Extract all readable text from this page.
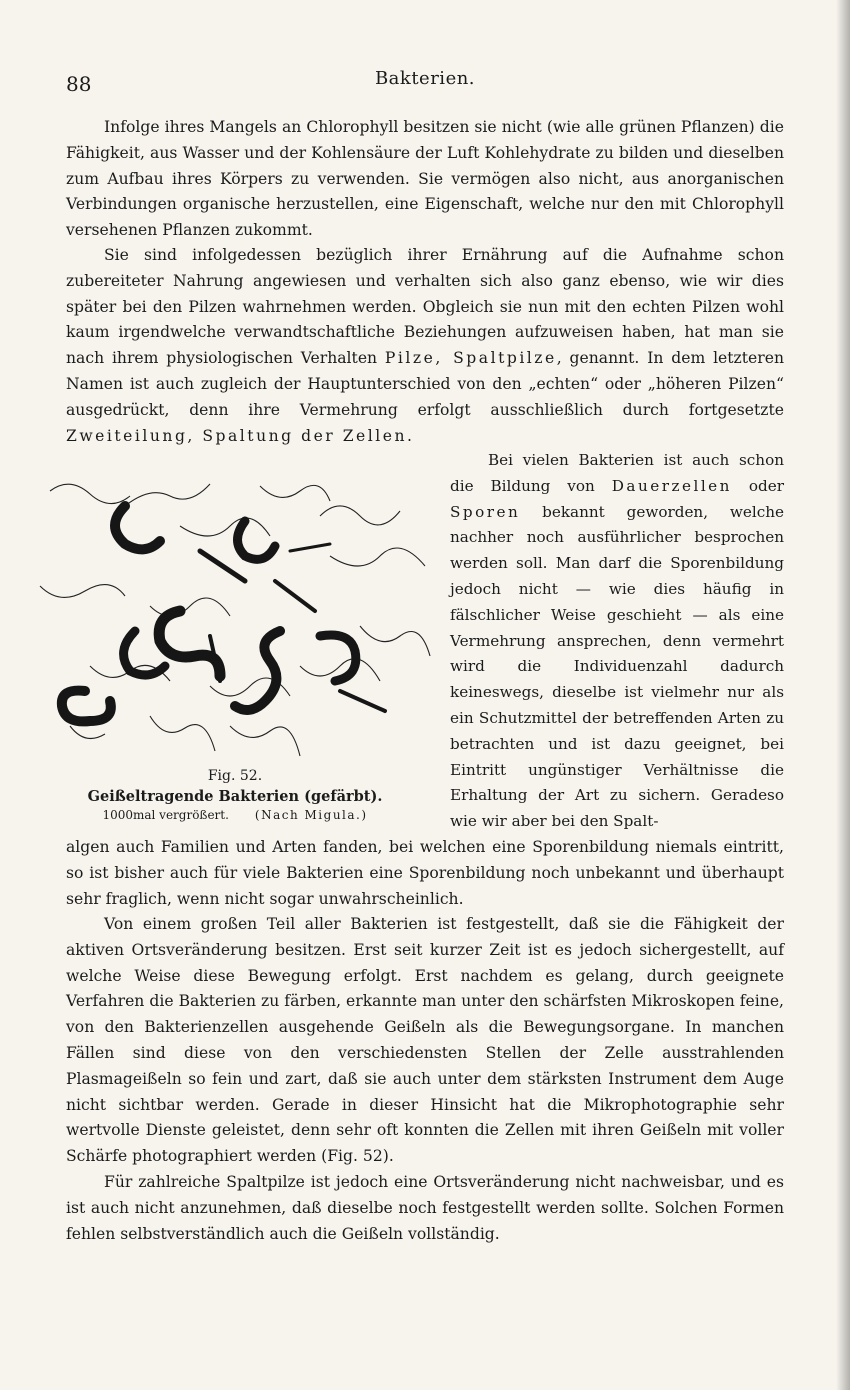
88	Bakterien.

Infolge ihres Mangels an Chlorophyll besitzen sie nicht (wie alle grünen Pflanzen) die Fähigkeit, aus Wasser und der Kohlensäure der Luft Kohlehydrate zu bilden und dieselben zum Aufbau ihres Körpers zu verwenden. Sie vermögen also nicht, aus anorganischen Verbindungen organische herzustellen, eine Eigenschaft, welche nur den mit Chlorophyll versehenen Pflanzen zukommt.

Sie sind infolgedessen bezüglich ihrer Ernährung auf die Aufnahme schon zubereiteter Nahrung angewiesen und verhalten sich also ganz ebenso, wie wir dies später bei den Pilzen wahrnehmen werden. Obgleich sie nun mit den echten Pilzen wohl kaum irgendwelche verwandtschaftliche Beziehungen aufzuweisen haben, hat man sie nach ihrem physiologischen Verhalten Pilze, Spaltpilze, genannt. In dem letzteren Namen ist auch zugleich der Hauptunterschied von den „echten“ oder „höheren Pilzen“ ausgedrückt, denn ihre Vermehrung erfolgt ausschließlich durch fortgesetzte Zweiteilung, Spaltung der Zellen.

Bei vielen Bakterien ist auch schon die Bildung von Dauerzellen oder Sporen bekannt geworden, welche nachher noch ausführlicher besprochen werden soll. Man darf die Sporenbildung jedoch nicht — wie dies häufig in fälschlicher Weise geschieht — als eine Vermehrung ansprechen, denn vermehrt wird die Individuenzahl dadurch keineswegs, dieselbe ist vielmehr nur als ein Schutzmittel der betreffenden Arten zu betrachten und ist dazu geeignet, bei Eintritt ungünstiger Verhältnisse die Erhaltung der Art zu sichern. Geradeso wie wir aber bei den Spalt-

Fig. 52.
Geißeltragende Bakterien (gefärbt).
1000mal vergrößert. (Nach Migula.)

algen auch Familien und Arten fanden, bei welchen eine Sporenbildung niemals eintritt, so ist bisher auch für viele Bakterien eine Sporenbildung noch unbekannt und überhaupt sehr fraglich, wenn nicht sogar unwahrscheinlich.

Von einem großen Teil aller Bakterien ist festgestellt, daß sie die Fähigkeit der aktiven Ortsveränderung besitzen. Erst seit kurzer Zeit ist es jedoch sichergestellt, auf welche Weise diese Bewegung erfolgt. Erst nachdem es gelang, durch geeignete Verfahren die Bakterien zu färben, erkannte man unter den schärfsten Mikroskopen feine, von den Bakterienzellen ausgehende Geißeln als die Bewegungsorgane. In manchen Fällen sind diese von den verschiedensten Stellen der Zelle ausstrahlenden Plasmageißeln so fein und zart, daß sie auch unter dem stärksten Instrument dem Auge nicht sichtbar werden. Gerade in dieser Hinsicht hat die Mikrophotographie sehr wertvolle Dienste geleistet, denn sehr oft konnten die Zellen mit ihren Geißeln mit voller Schärfe photographiert werden (Fig. 52).

Für zahlreiche Spaltpilze ist jedoch eine Ortsveränderung nicht nachweisbar, und es ist auch nicht anzunehmen, daß dieselbe noch festgestellt werden sollte. Solchen Formen fehlen selbstverständlich auch die Geißeln vollständig.
